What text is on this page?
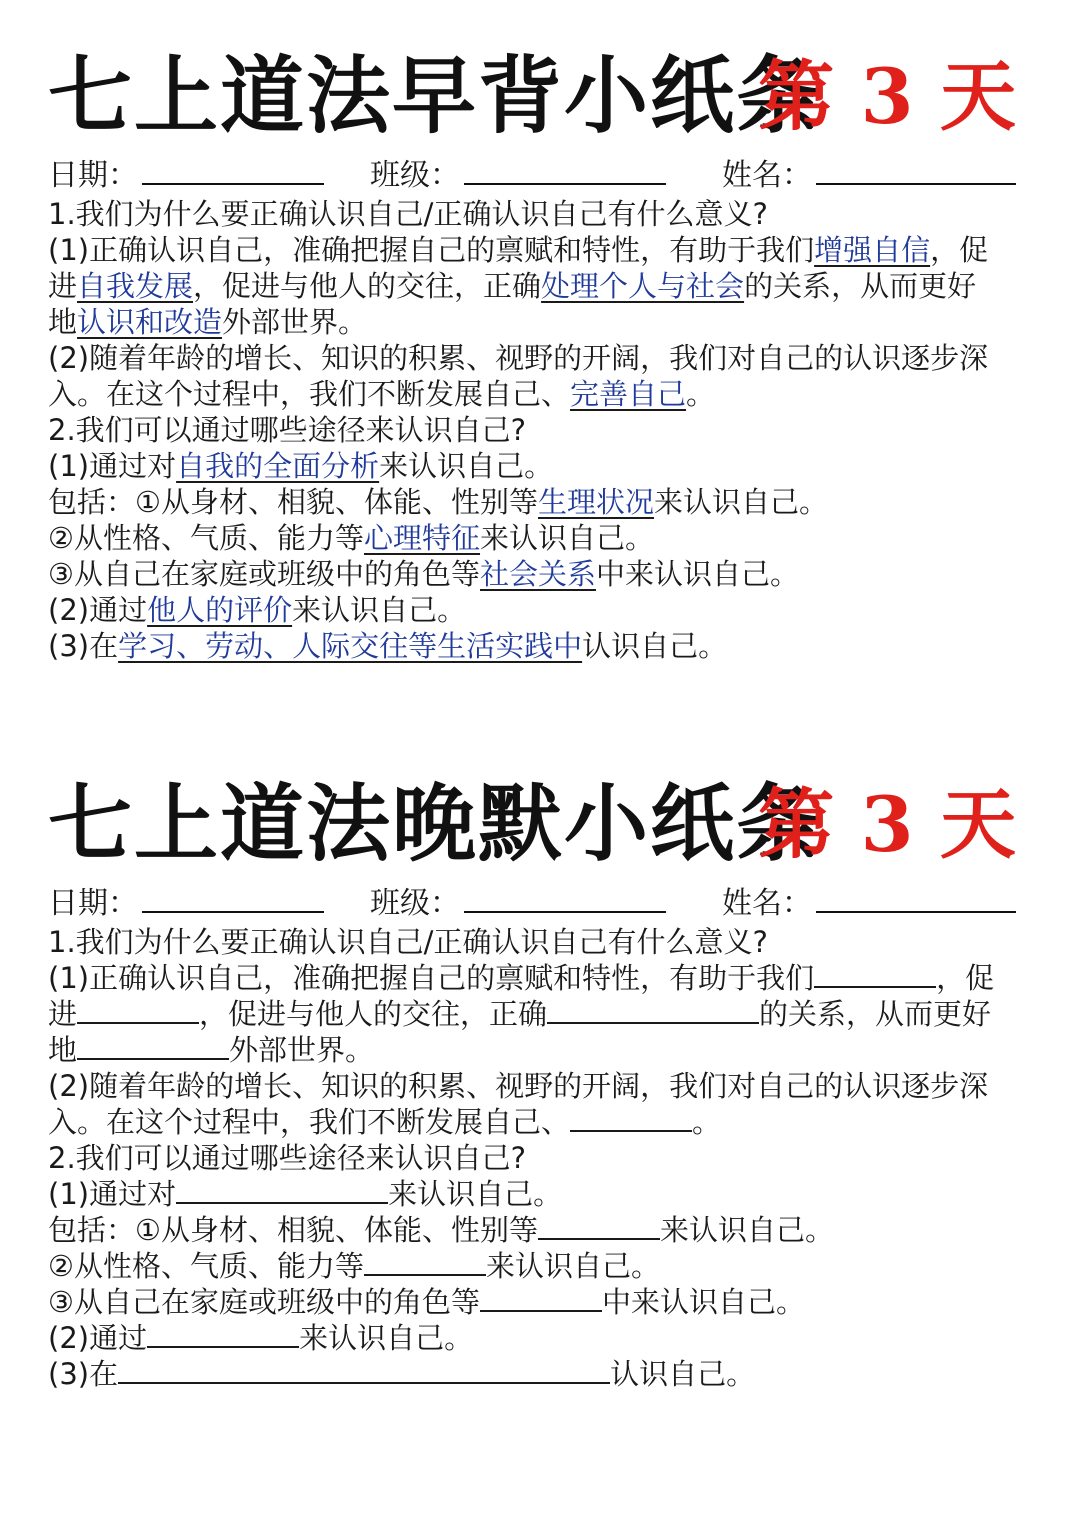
七上道法早背小纸条
第 3 天
日期：	班级：	姓名：
1.我们为什么要正确认识自己/正确认识自己有什么意义?
(1)正确认识自己，准确把握自己的禀赋和特性，有助于我们增强自信，促
进自我发展，促进与他人的交往，正确处理个人与社会的关系，从而更好
地认识和改造外部世界。
(2)随着年龄的增长、知识的积累、视野的开阔，我们对自己的认识逐步深
入。在这个过程中，我们不断发展自己、完善自己。
2.我们可以通过哪些途径来认识自己?
(1)通过对自我的全面分析来认识自己。
包括：①从身材、相貌、体能、性别等生理状况来认识自己。
②从性格、气质、能力等心理特征来认识自己。
③从自己在家庭或班级中的角色等社会关系中来认识自己。
(2)通过他人的评价来认识自己。
(3)在学习、劳动、人际交往等生活实践中认识自己。
七上道法晚默小纸条
第 3 天
日期：	班级：	姓名：
1.我们为什么要正确认识自己/正确认识自己有什么意义?
(1)正确认识自己，准确把握自己的禀赋和特性，有助于我们	，促
进	，促进与他人的交往，正确	的关系，从而更好
地	外部世界。
(2)随着年龄的增长、知识的积累、视野的开阔，我们对自己的认识逐步深
入。在这个过程中，我们不断发展自己、	。
2.我们可以通过哪些途径来认识自己?
(1)通过对	来认识自己。
包括：①从身材、相貌、体能、性别等	来认识自己。
②从性格、气质、能力等	来认识自己。
③从自己在家庭或班级中的角色等	中来认识自己。
(2)通过	来认识自己。
(3)在	认识自己。
